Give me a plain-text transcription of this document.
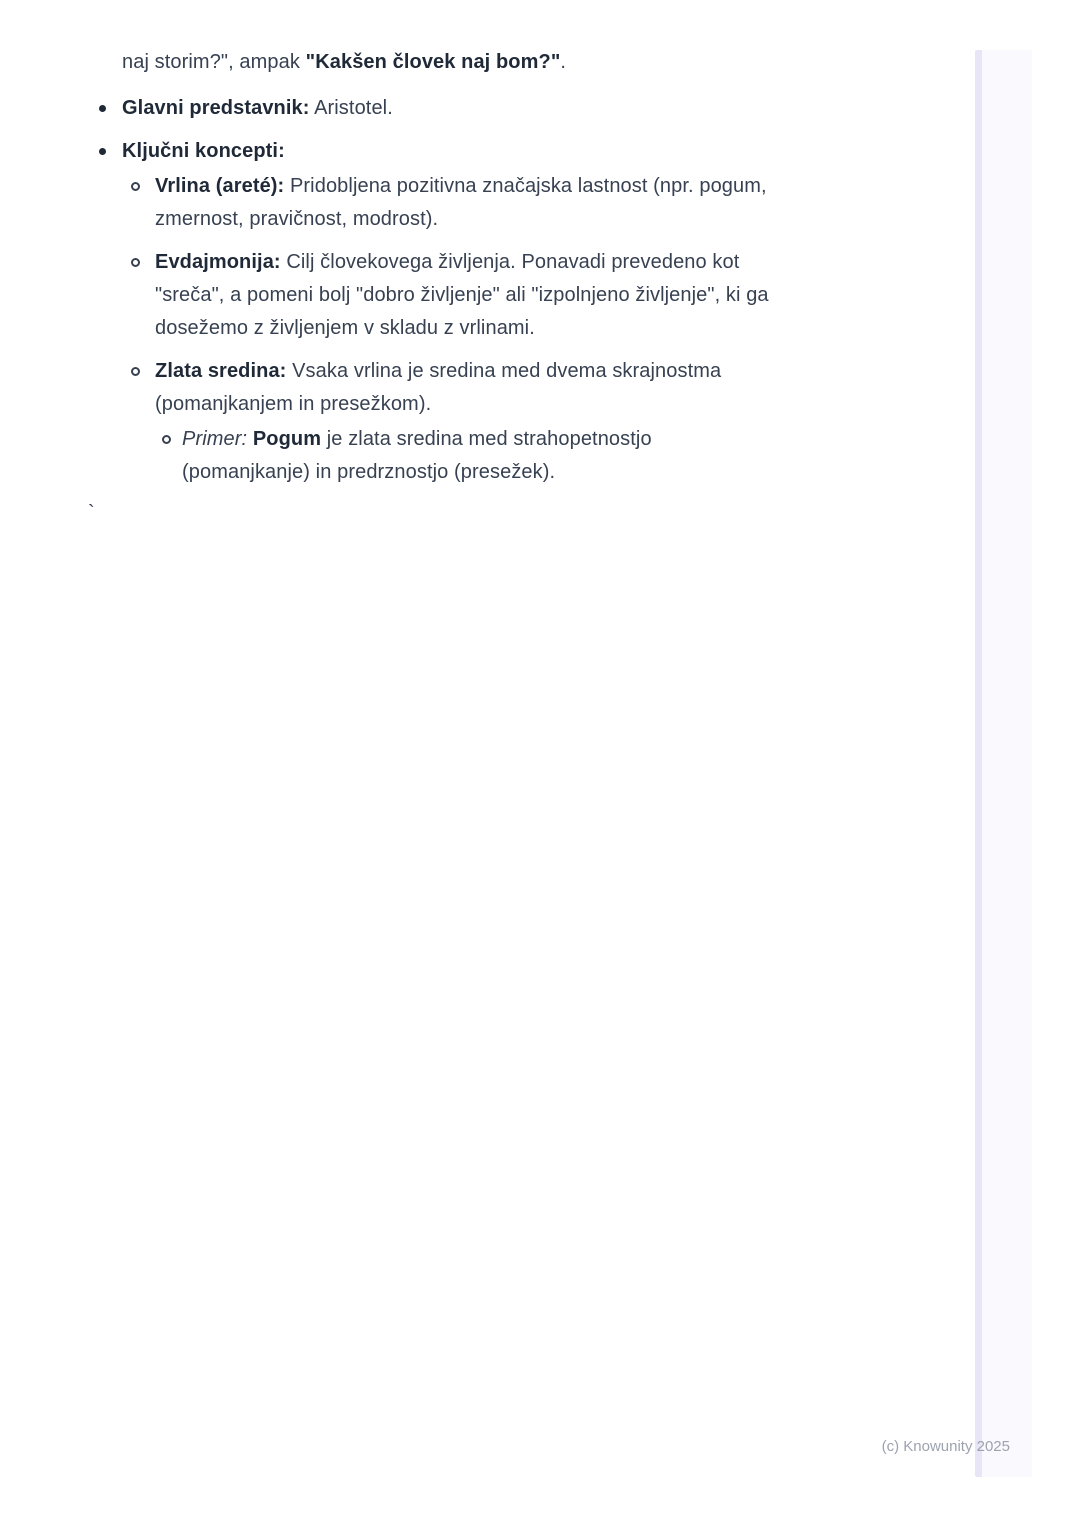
naj storim?", ampak "Kakšen človek naj bom?".

Glavni predstavnik: Aristotel.
Ključni koncepti:
Vrlina (areté): Pridobljena pozitivna značajska lastnost (npr. pogum,
zmernost, pravičnost, modrost).
Evdajmonija: Cilj človekovega življenja. Ponavadi prevedeno kot
"sreča", a pomeni bolj "dobro življenje" ali "izpolnjeno življenje", ki ga
dosežemo z življenjem v skladu z vrlinami.
Zlata sredina: Vsaka vrlina je sredina med dvema skrajnostma
(pomanjkanjem in presežkom).
Primer: Pogum je zlata sredina med strahopetnostjo
(pomanjkanje) in predrznostjo (presežek).
`
(c) Knowunity 2025
